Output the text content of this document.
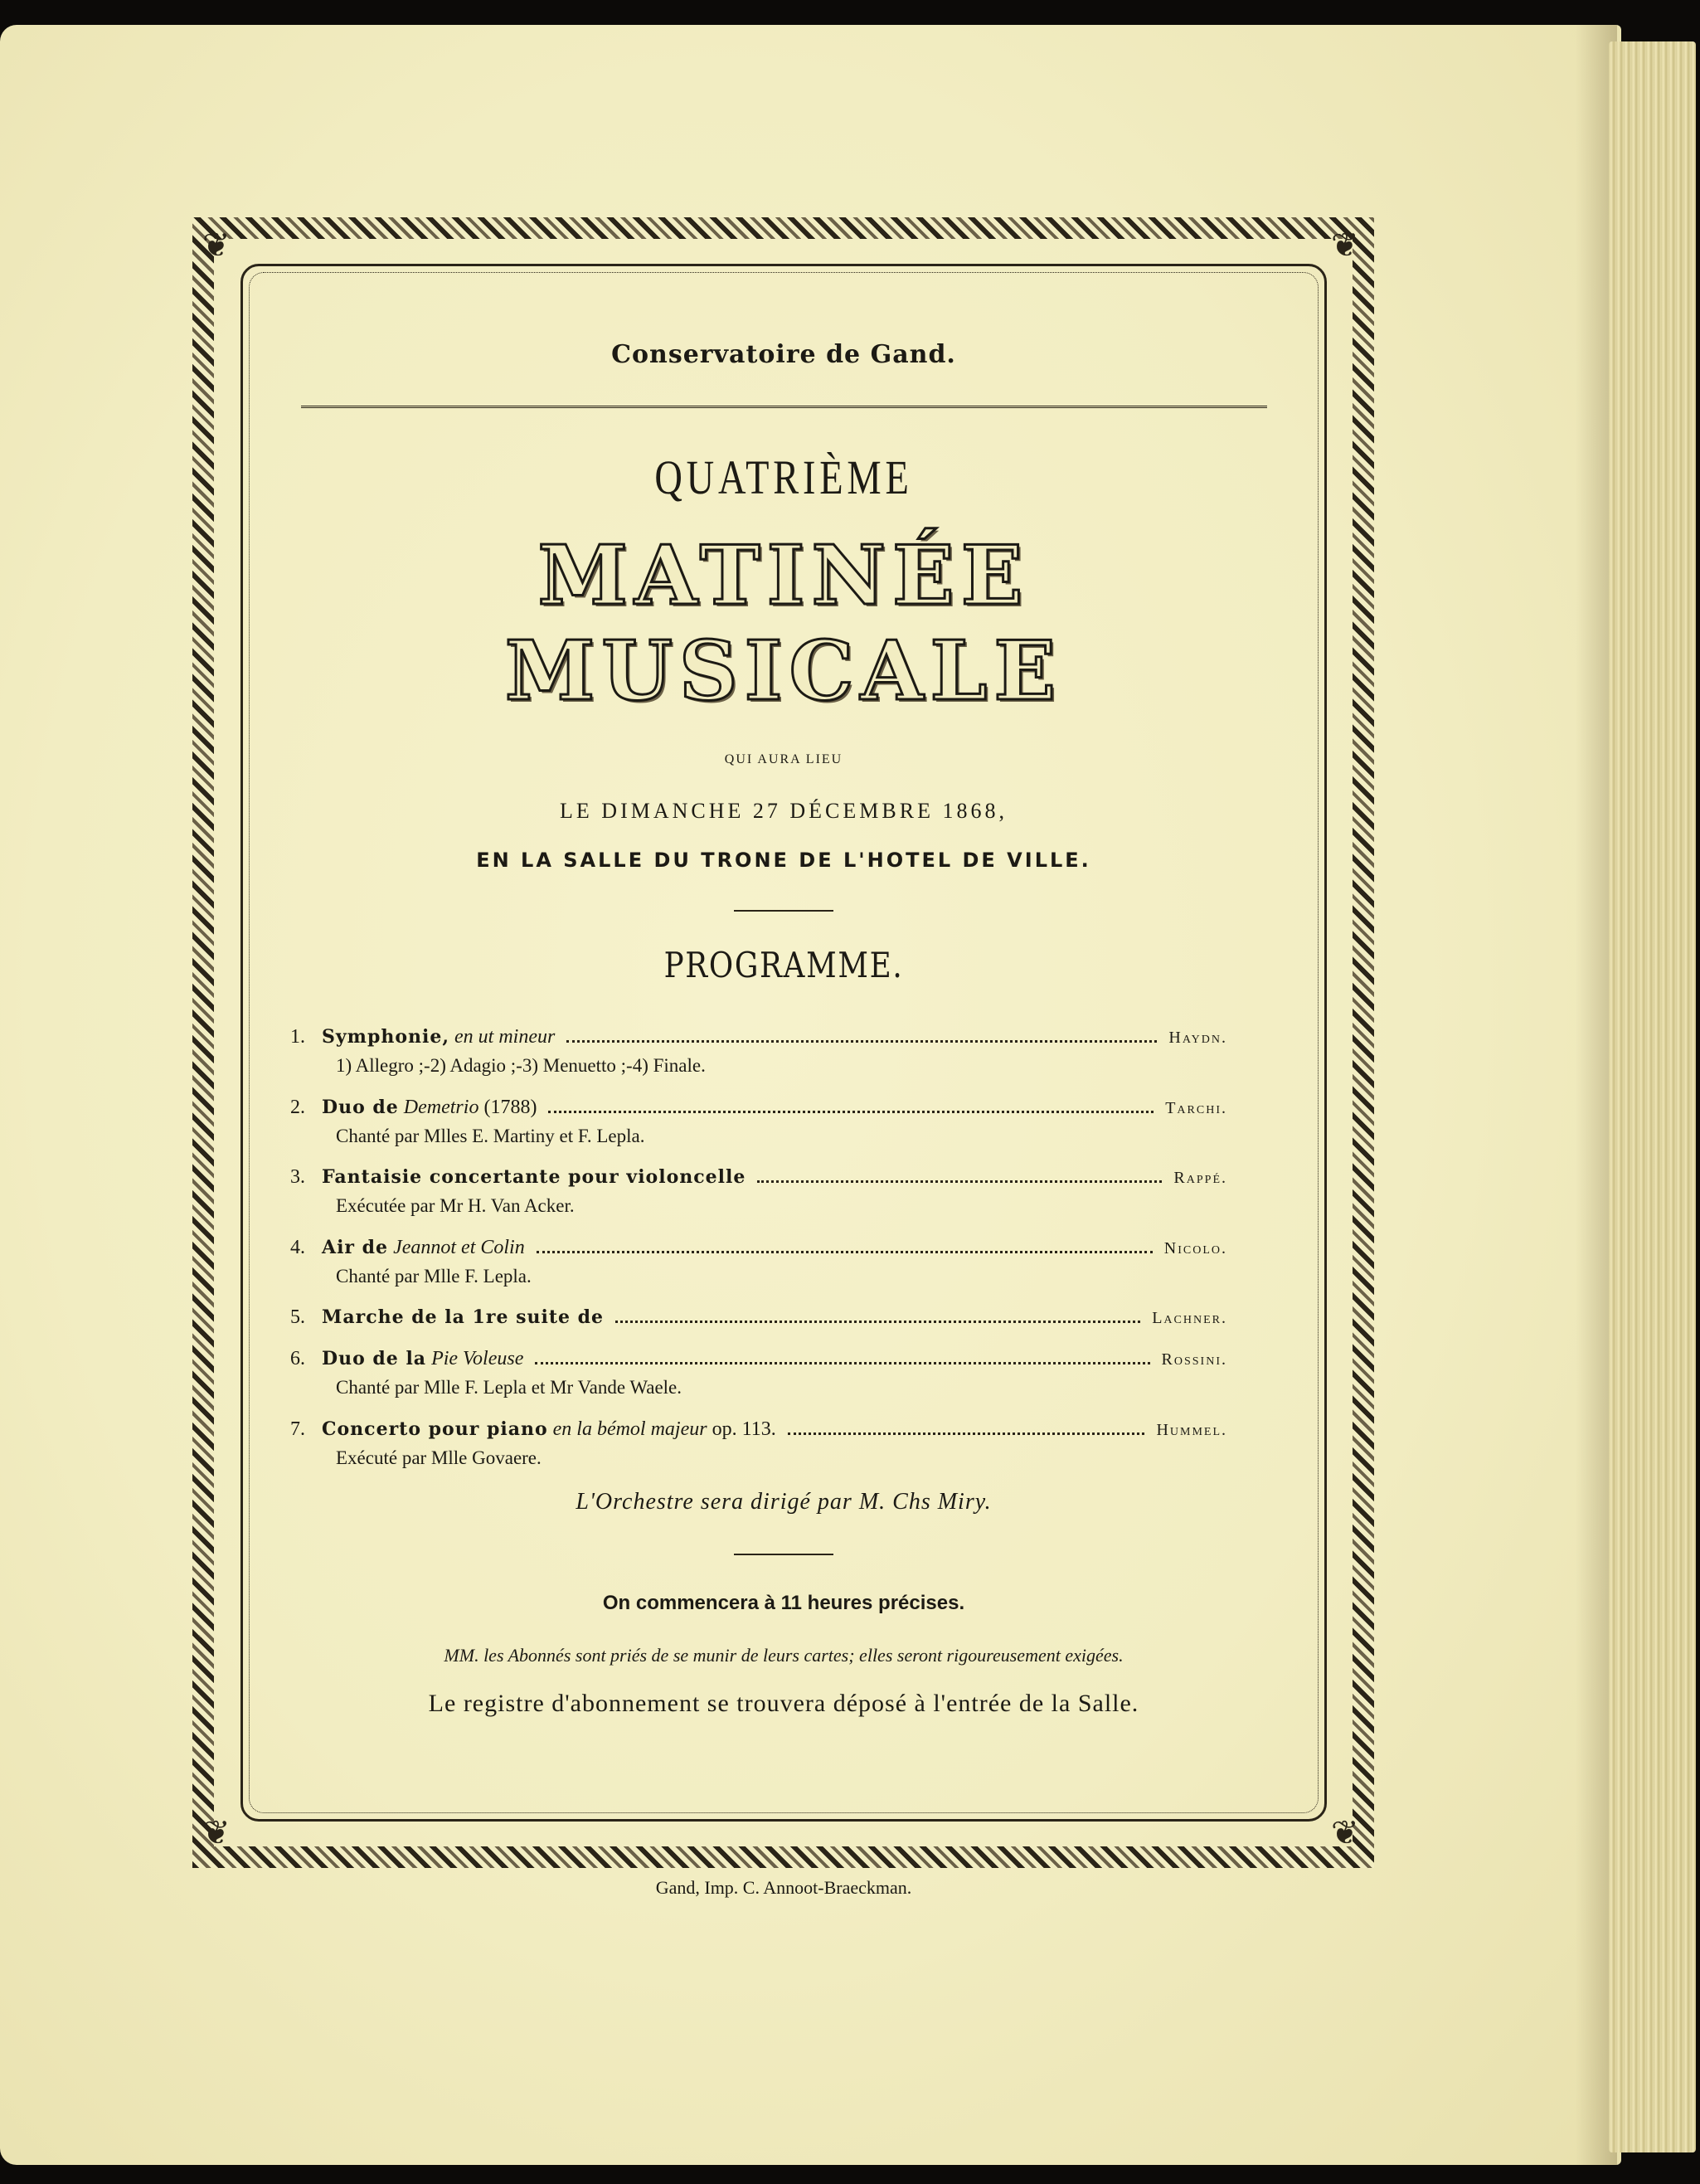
❦	❦
❦	❦
Conservatoire de Gand.
QUATRIÈME
MATINÉE MUSICALE
QUI AURA LIEU
LE DIMANCHE 27 DÉCEMBRE 1868,
EN LA SALLE DU TRONE DE L'HOTEL DE VILLE.
PROGRAMME.
1. Symphonie, en ut mineur	Haydn.
1) Allegro ;-2) Adagio ;-3) Menuetto ;-4) Finale.
2. Duo de Demetrio (1788)	Tarchi.
Chanté par Mlles E. Martiny et F. Lepla.
3. Fantaisie concertante pour violoncelle	Rappé.
Exécutée par Mr H. Van Acker.
4. Air de Jeannot et Colin	Nicolo.
Chanté par Mlle F. Lepla.
5. Marche de la 1re suite de	Lachner.
6. Duo de la Pie Voleuse	Rossini.
Chanté par Mlle F. Lepla et Mr Vande Waele.
7. Concerto pour piano en la bémol majeur op. 113.	Hummel.
Exécuté par Mlle Govaere.
L'Orchestre sera dirigé par M. Chs Miry.
On commencera à 11 heures précises.
MM. les Abonnés sont priés de se munir de leurs cartes; elles seront rigoureusement exigées.
Le registre d'abonnement se trouvera déposé à l'entrée de la Salle.
Gand, Imp. C. Annoot-Braeckman.
